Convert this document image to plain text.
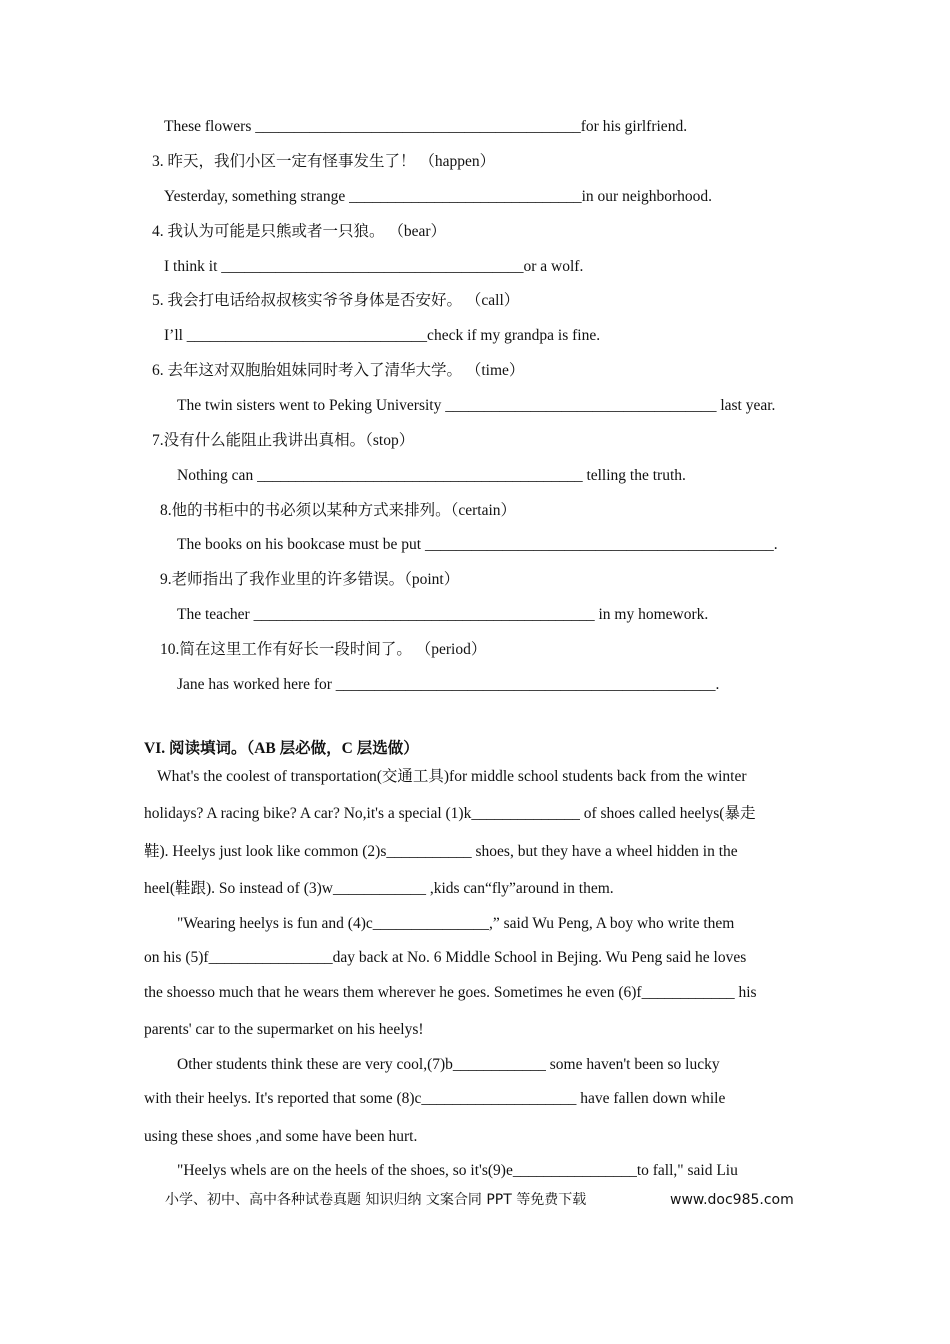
These flowers __________________________________________for his girlfriend.
3. 昨天，我们小区一定有怪事发生了！ （happen）
Yesterday, something strange ______________________________in our neighborhood.
4. 我认为可能是只熊或者一只狼。 （bear）
I think it _______________________________________or a wolf.
5. 我会打电话给叔叔核实爷爷身体是否安好。 （call）
I’ll _______________________________check if my grandpa is fine.
6. 去年这对双胞胎姐妹同时考入了清华大学。 （time）
The twin sisters went to Peking University ___________________________________ last year.
7.没有什么能阻止我讲出真相。（stop）
Nothing can __________________________________________ telling the truth.
8.他的书柜中的书必须以某种方式来排列。（certain）
The books on his bookcase must be put _____________________________________________.
9.老师指出了我作业里的许多错误。（point）
The teacher ____________________________________________ in my homework.
10.简在这里工作有好长一段时间了。 （period）
Jane has worked here for _________________________________________________.
VI. 阅读填词。（AB 层必做，C 层选做）
What's the coolest of transportation(交通工具)for middle school students back from the winter
holidays? A racing bike? A car? No,it's a special (1)k______________ of shoes called heelys(暴走
鞋). Heelys just look like common (2)s___________ shoes, but they have a wheel hidden in the
heel(鞋跟). So instead of (3)w____________ ,kids can“fly”around in them.
"Wearing heelys is fun and (4)c_______________,” said Wu Peng, A boy who write them
on his (5)f________________day back at No. 6 Middle School in Bejing. Wu Peng said he loves
the shoesso much that he wears them wherever he goes. Sometimes he even (6)f____________ his
parents' car to the supermarket on his heelys!
Other students think these are very cool,(7)b____________ some haven't been so lucky
with their heelys. It's reported that some (8)c____________________ have fallen down while
using these shoes ,and some have been hurt.
"Heelys whels are on the heels of the shoes, so it's(9)e________________to fall," said Liu
小学、初中、高中各种试卷真题 知识归纳 文案合同 PPT 等免费下载	www.doc985.com
